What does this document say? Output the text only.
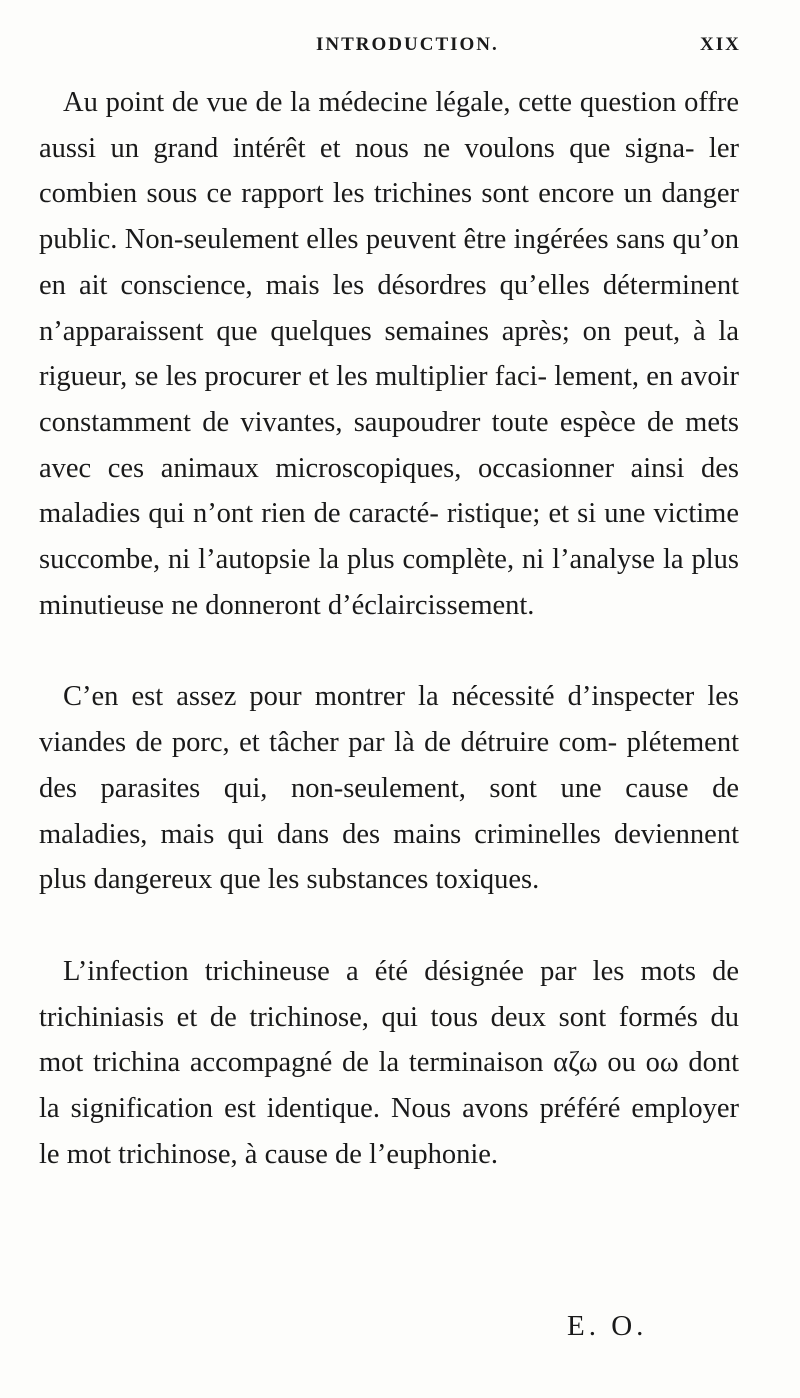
INTRODUCTION.	XIX

Au point de vue de la médecine légale, cette question offre aussi un grand intérêt et nous ne voulons que signa- ler combien sous ce rapport les trichines sont encore un danger public. Non-seulement elles peuvent être ingérées sans qu’on en ait conscience, mais les désordres qu’elles déterminent n’apparaissent que quelques semaines après; on peut, à la rigueur, se les procurer et les multiplier faci- lement, en avoir constamment de vivantes, saupoudrer toute espèce de mets avec ces animaux microscopiques, occasionner ainsi des maladies qui n’ont rien de caracté- ristique; et si une victime succombe, ni l’autopsie la plus complète, ni l’analyse la plus minutieuse ne donneront d’éclaircissement.

C’en est assez pour montrer la nécessité d’inspecter les viandes de porc, et tâcher par là de détruire com- plétement des parasites qui, non-seulement, sont une cause de maladies, mais qui dans des mains criminelles deviennent plus dangereux que les substances toxiques.

L’infection trichineuse a été désignée par les mots de trichiniasis et de trichinose, qui tous deux sont formés du mot trichina accompagné de la terminaison αζω ou οω dont la signification est identique. Nous avons préféré employer le mot trichinose, à cause de l’euphonie.

E. O.
